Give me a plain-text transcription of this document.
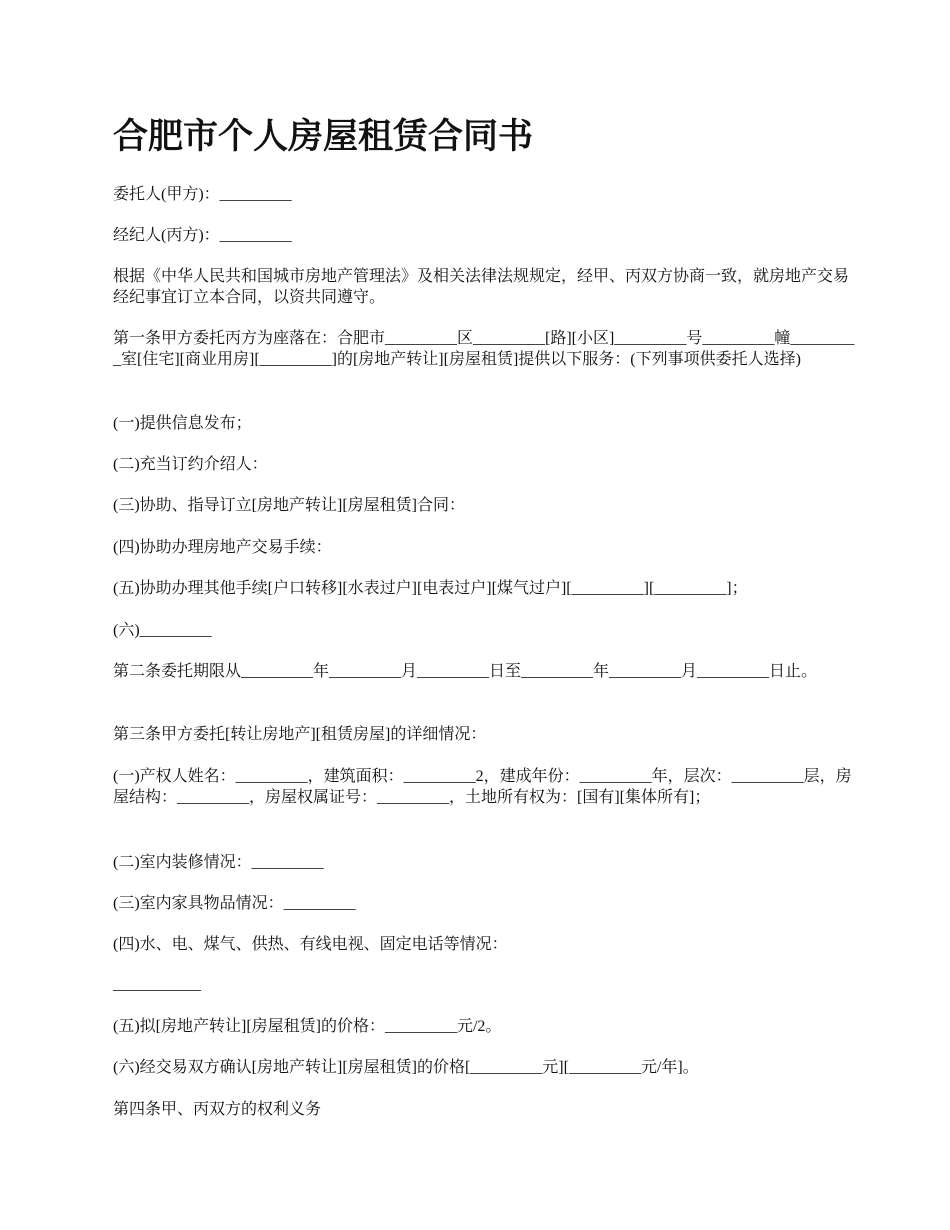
合肥市个人房屋租赁合同书

委托人(甲方)：_________

经纪人(丙方)：_________

根据《中华人民共和国城市房地产管理法》及相关法律法规规定，经甲、丙双方协商一致，就房地产交易经纪事宜订立本合同，以资共同遵守。

第一条甲方委托丙方为座落在：合肥市_________区_________[路][小区]_________号_________幢_________室[住宅][商业用房][_________]的[房地产转让][房屋租赁]提供以下服务：(下列事项供委托人选择)

(一)提供信息发布；

(二)充当订约介绍人：

(三)协助、指导订立[房地产转让][房屋租赁]合同：

(四)协助办理房地产交易手续：

(五)协助办理其他手续[户口转移][水表过户][电表过户][煤气过户][_________][_________]；

(六)_________

第二条委托期限从_________年_________月_________日至_________年_________月_________日止。

第三条甲方委托[转让房地产][租赁房屋]的详细情况：

(一)产权人姓名：_________，建筑面积：_________2，建成年份：_________年，层次：_________层，房屋结构：_________，房屋权属证号：_________，土地所有权为：[国有][集体所有]；

(二)室内装修情况：_________

(三)室内家具物品情况：_________

(四)水、电、煤气、供热、有线电视、固定电话等情况：

___________

(五)拟[房地产转让][房屋租赁]的价格：_________元/2。

(六)经交易双方确认[房地产转让][房屋租赁]的价格[_________元][_________元/年]。

第四条甲、丙双方的权利义务
